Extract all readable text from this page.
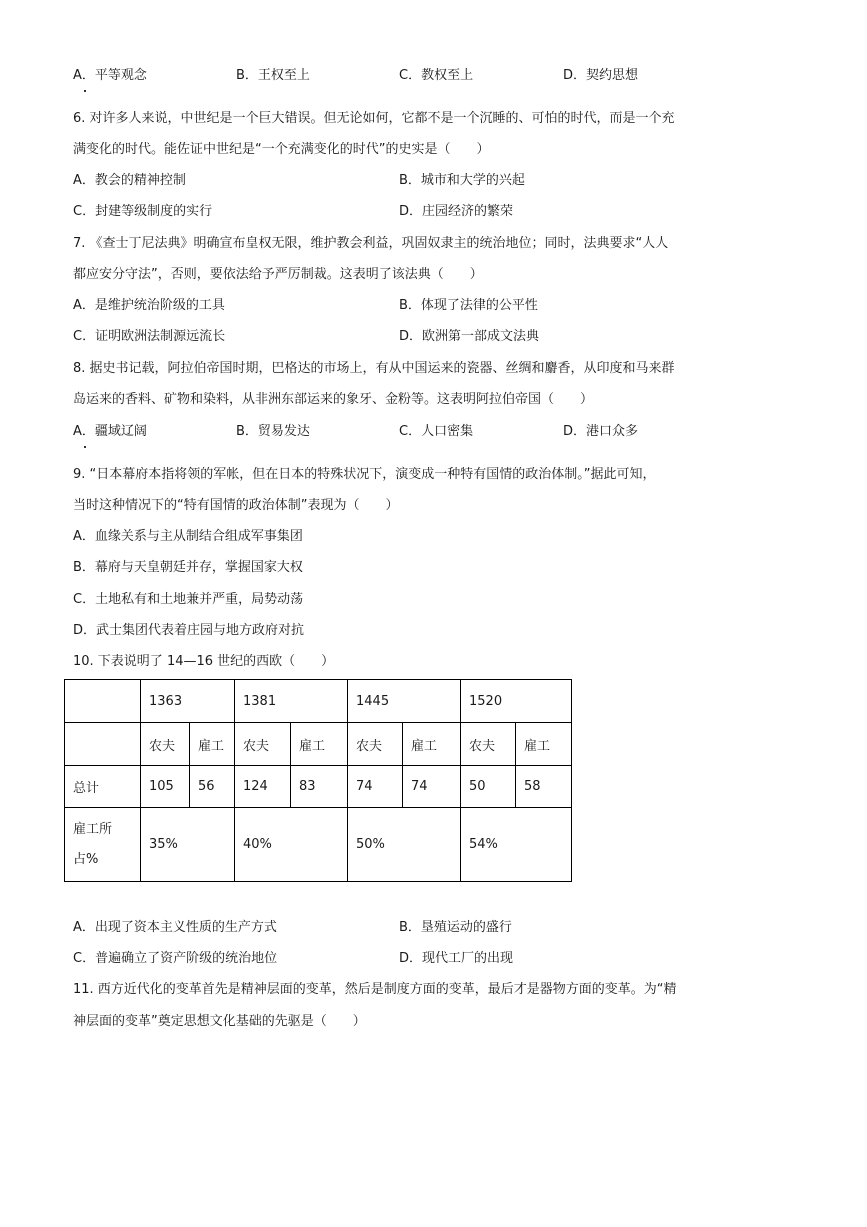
A．平等观念	B．王权至上	C．教权至上	D．契约思想
6. 对许多人来说，中世纪是一个巨大错误。但无论如何，它都不是一个沉睡的、可怕的时代，而是一个充
满变化的时代。能佐证中世纪是“一个充满变化的时代”的史实是（　　）
A．教会的精神控制	B．城市和大学的兴起
C．封建等级制度的实行	D．庄园经济的繁荣
7. 《查士丁尼法典》明确宣布皇权无限，维护教会利益，巩固奴隶主的统治地位；同时，法典要求“人人
都应安分守法”，否则，要依法给予严厉制裁。这表明了该法典（　　）
A．是维护统治阶级的工具	B．体现了法律的公平性
C．证明欧洲法制源远流长	D．欧洲第一部成文法典
8. 据史书记载，阿拉伯帝国时期，巴格达的市场上，有从中国运来的瓷器、丝绸和麝香，从印度和马来群
岛运来的香料、矿物和染料，从非洲东部运来的象牙、金粉等。这表明阿拉伯帝国（　　）
A．疆域辽阔	B．贸易发达	C．人口密集	D．港口众多
9. “日本幕府本指将领的军帐，但在日本的特殊状况下，演变成一种特有国情的政治体制。”据此可知，
当时这种情况下的“特有国情的政治体制”表现为（　　）
A．血缘关系与主从制结合组成军事集团
B．幕府与天皇朝廷并存，掌握国家大权
C．土地私有和土地兼并严重，局势动荡
D．武士集团代表着庄园与地方政府对抗
10. 下表说明了 14—16 世纪的西欧（　　）
	1363		1381		1445		1520	
	农夫	雇工	农夫	雇工	农夫	雇工	农夫	雇工
总计	105	56	124	83	74	74	50	58
雇工所
占%	35%		40%		50%		54%	
A．出现了资本主义性质的生产方式	B．垦殖运动的盛行
C．普遍确立了资产阶级的统治地位	D．现代工厂的出现
11. 西方近代化的变革首先是精神层面的变革，然后是制度方面的变革，最后才是器物方面的变革。为“精
神层面的变革”奠定思想文化基础的先驱是（　　）
